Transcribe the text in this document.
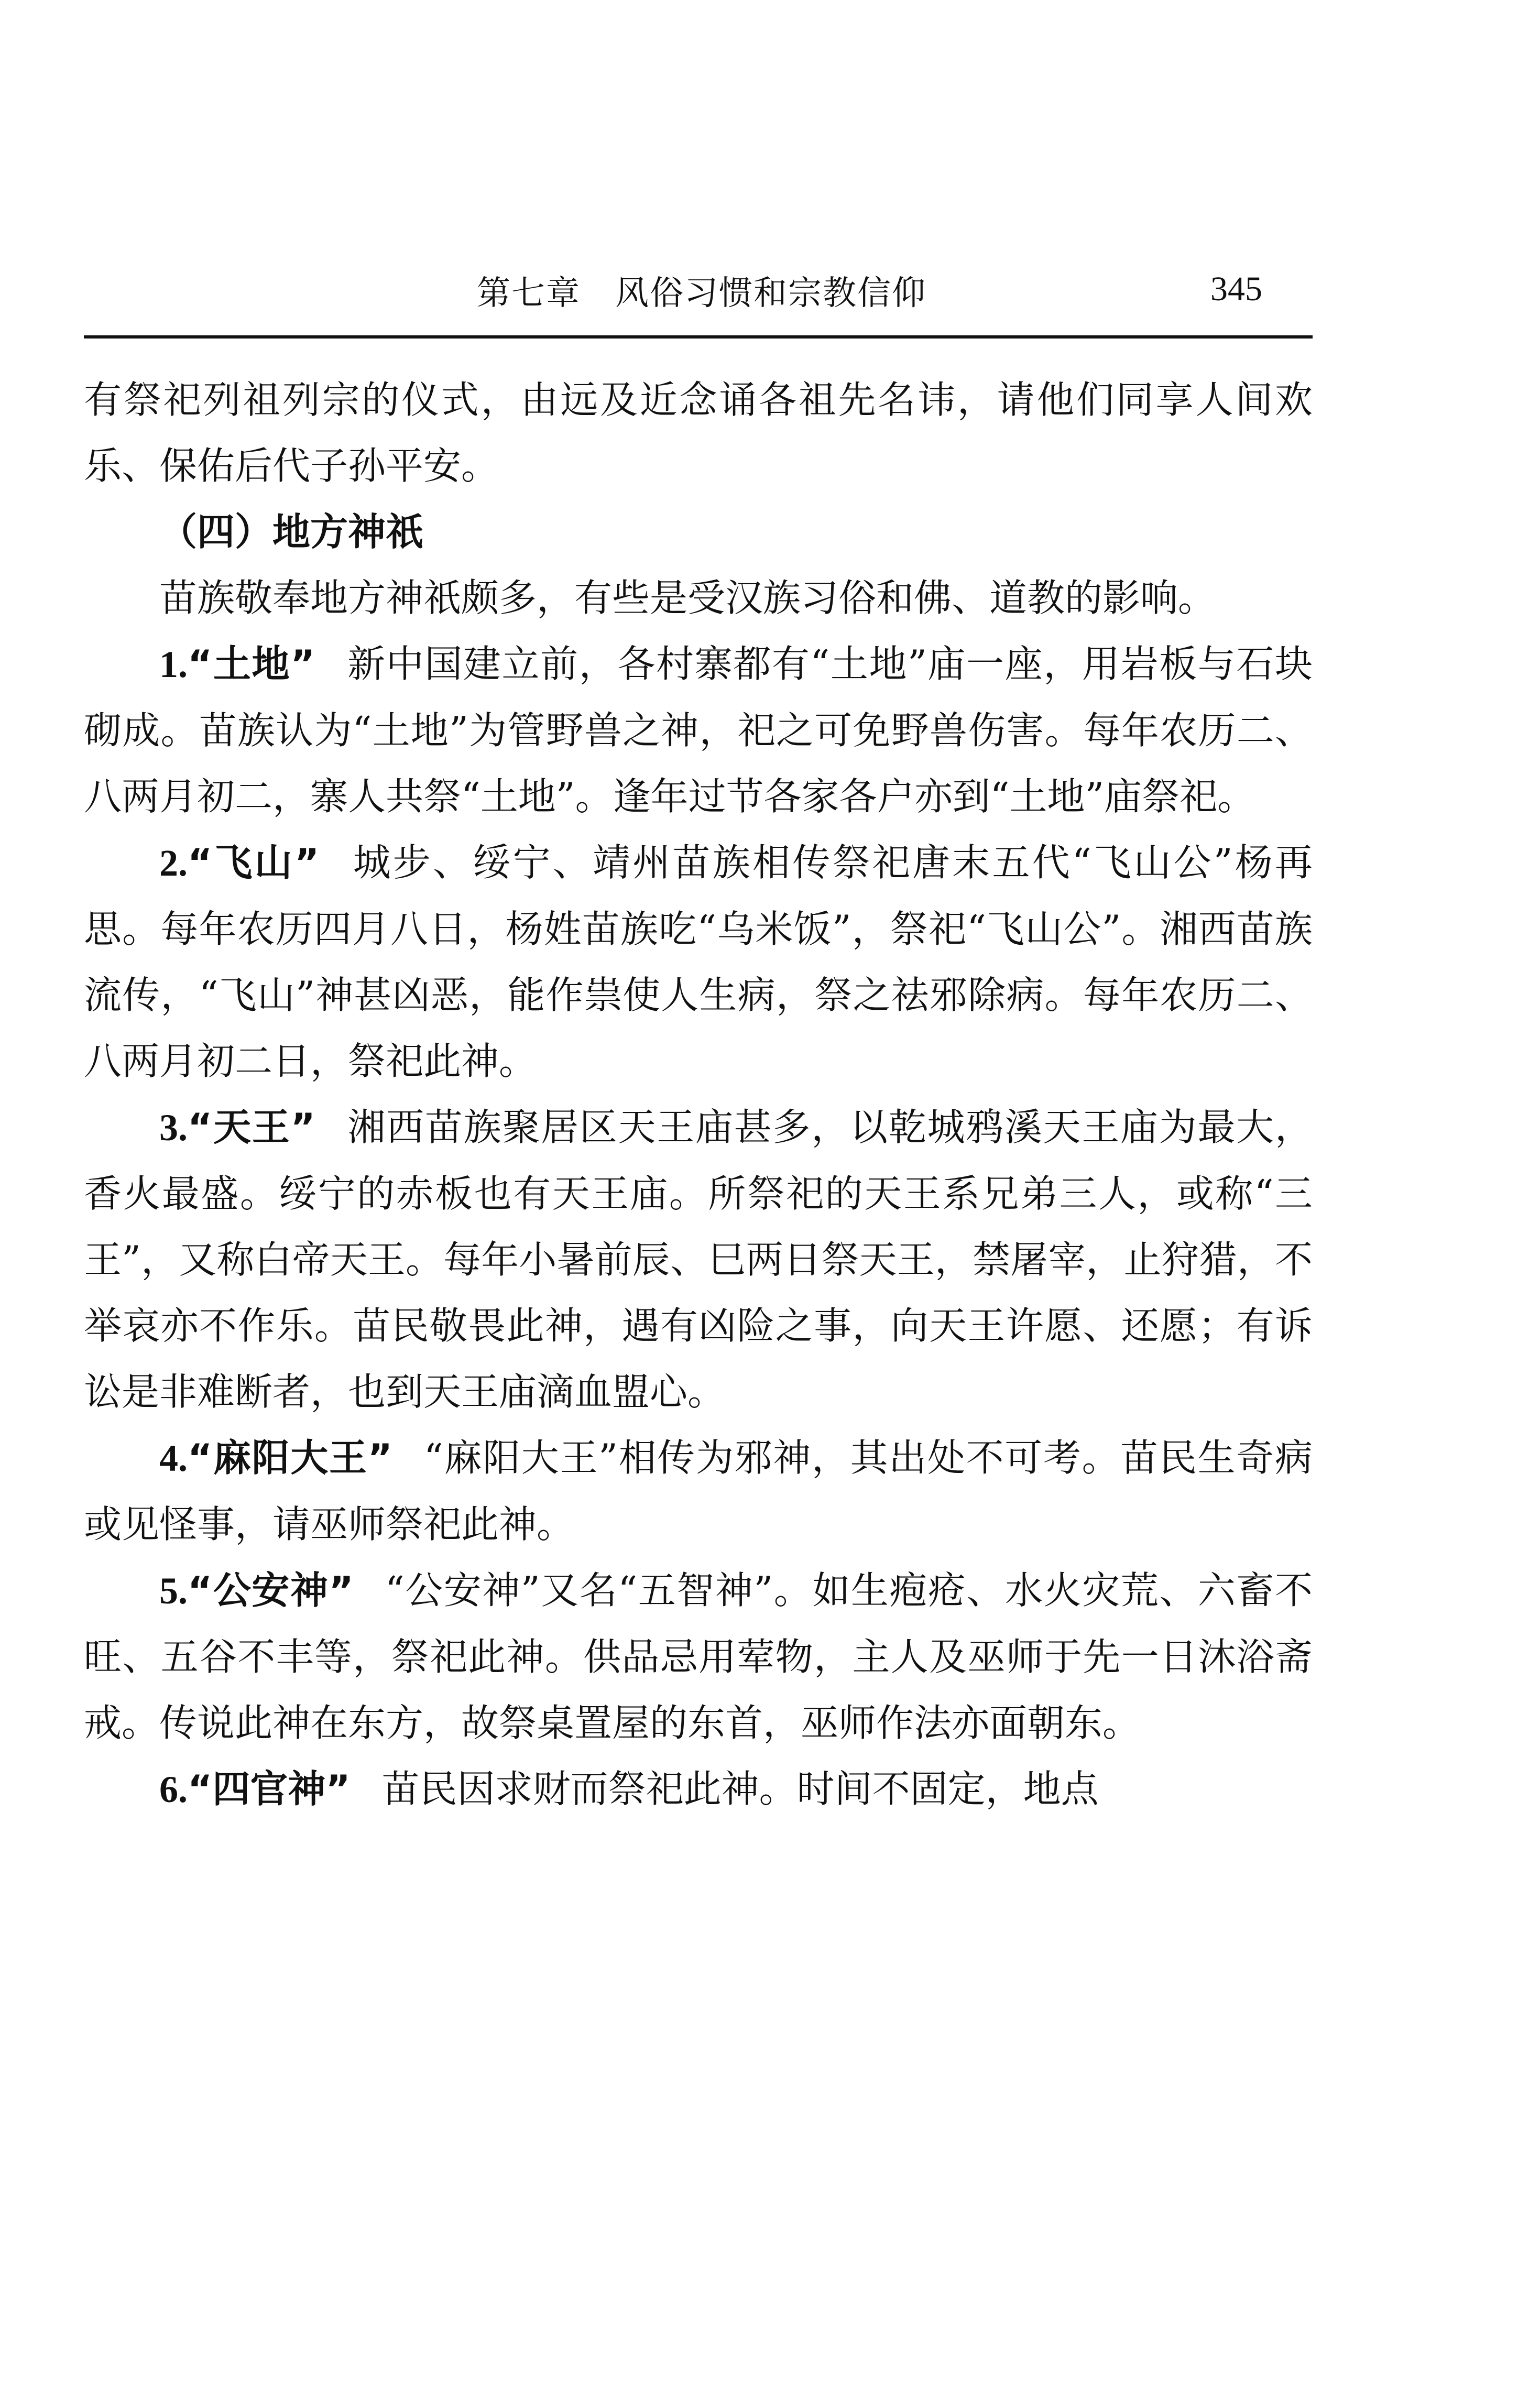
第七章　风俗习惯和宗教信仰	345

有祭祀列祖列宗的仪式，由远及近念诵各祖先名讳，请他们同享人间欢乐、保佑后代子孙平安。

（四）地方神祇

苗族敬奉地方神祇颇多，有些是受汉族习俗和佛、道教的影响。

1.“土地” 新中国建立前，各村寨都有“土地”庙一座，用岩板与石块砌成。苗族认为“土地”为管野兽之神，祀之可免野兽伤害。每年农历二、八两月初二，寨人共祭“土地”。逢年过节各家各户亦到“土地”庙祭祀。

2.“飞山” 城步、绥宁、靖州苗族相传祭祀唐末五代“飞山公”杨再思。每年农历四月八日，杨姓苗族吃“乌米饭”，祭祀“飞山公”。湘西苗族流传，“飞山”神甚凶恶，能作祟使人生病，祭之祛邪除病。每年农历二、八两月初二日，祭祀此神。

3.“天王” 湘西苗族聚居区天王庙甚多，以乾城鸦溪天王庙为最大，香火最盛。绥宁的赤板也有天王庙。所祭祀的天王系兄弟三人，或称“三王”，又称白帝天王。每年小暑前辰、巳两日祭天王，禁屠宰，止狩猎，不举哀亦不作乐。苗民敬畏此神，遇有凶险之事，向天王许愿、还愿；有诉讼是非难断者，也到天王庙滴血盟心。

4.“麻阳大王” “麻阳大王”相传为邪神，其出处不可考。苗民生奇病或见怪事，请巫师祭祀此神。

5.“公安神” “公安神”又名“五智神”。如生疱疮、水火灾荒、六畜不旺、五谷不丰等，祭祀此神。供品忌用荤物，主人及巫师于先一日沐浴斋戒。传说此神在东方，故祭桌置屋的东首，巫师作法亦面朝东。

6.“四官神” 苗民因求财而祭祀此神。时间不固定，地点
